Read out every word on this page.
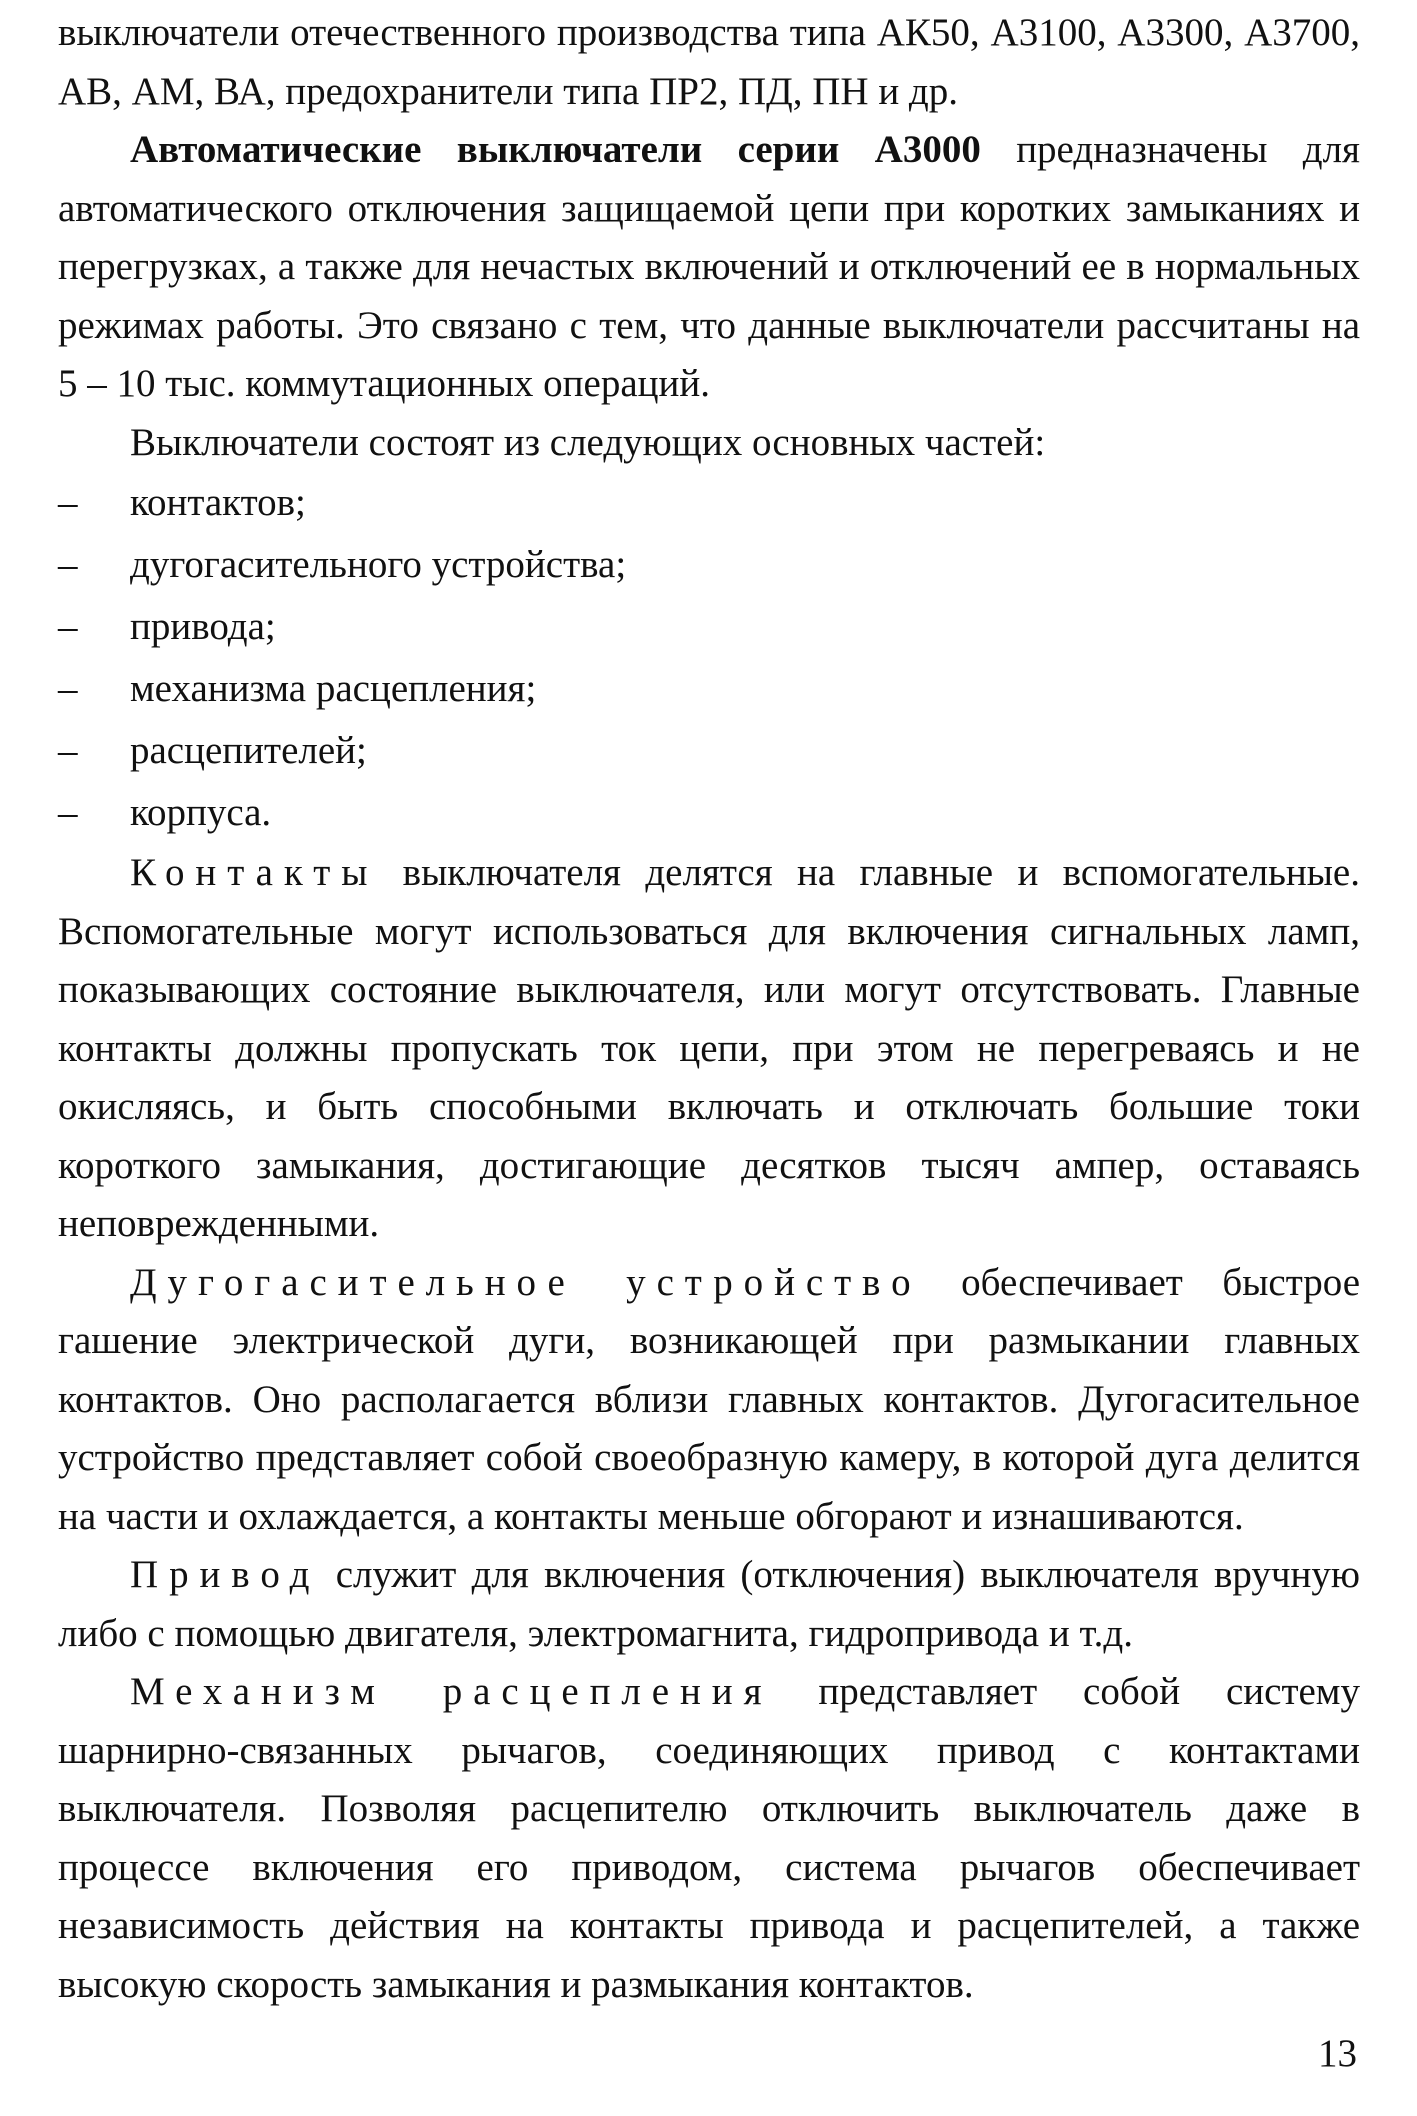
выключатели отечественного производства типа АК50, А3100, А3300, А3700, АВ, АМ, ВА, предохранители типа ПР2, ПД, ПН и др.

Автоматические выключатели серии А3000 предназначены для автоматического отключения защищаемой цепи при коротких замыканиях и перегрузках, а также для нечастых включений и отключений ее в нормальных режимах работы. Это связано с тем, что данные выключатели рассчитаны на 5 – 10 тыс. коммутационных операций.

Выключатели состоят из следующих основных частей:

– контактов;
– дугогасительного устройства;
– привода;
– механизма расцепления;
– расцепителей;
– корпуса.

Контакты выключателя делятся на главные и вспомогательные. Вспомогательные могут использоваться для включения сигнальных ламп, показывающих состояние выключателя, или могут отсутствовать. Главные контакты должны пропускать ток цепи, при этом не перегреваясь и не окисляясь, и быть способными включать и отключать большие токи короткого замыкания, достигающие десятков тысяч ампер, оставаясь неповрежденными.

Дугогасительное устройство обеспечивает быстрое гашение электрической дуги, возникающей при размыкании главных контактов. Оно располагается вблизи главных контактов. Дугогасительное устройство представляет собой своеобразную камеру, в которой дуга делится на части и охлаждается, а контакты меньше обгорают и изнашиваются.

Привод служит для включения (отключения) выключателя вручную либо с помощью двигателя, электромагнита, гидропривода и т.д.

Механизм расцепления представляет собой систему шарнирно-связанных рычагов, соединяющих привод с контактами выключателя. Позволяя расцепителю отключить выключатель даже в процессе включения его приводом, система рычагов обеспечивает независимость действия на контакты привода и расцепителей, а также высокую скорость замыкания и размыкания контактов.

13
